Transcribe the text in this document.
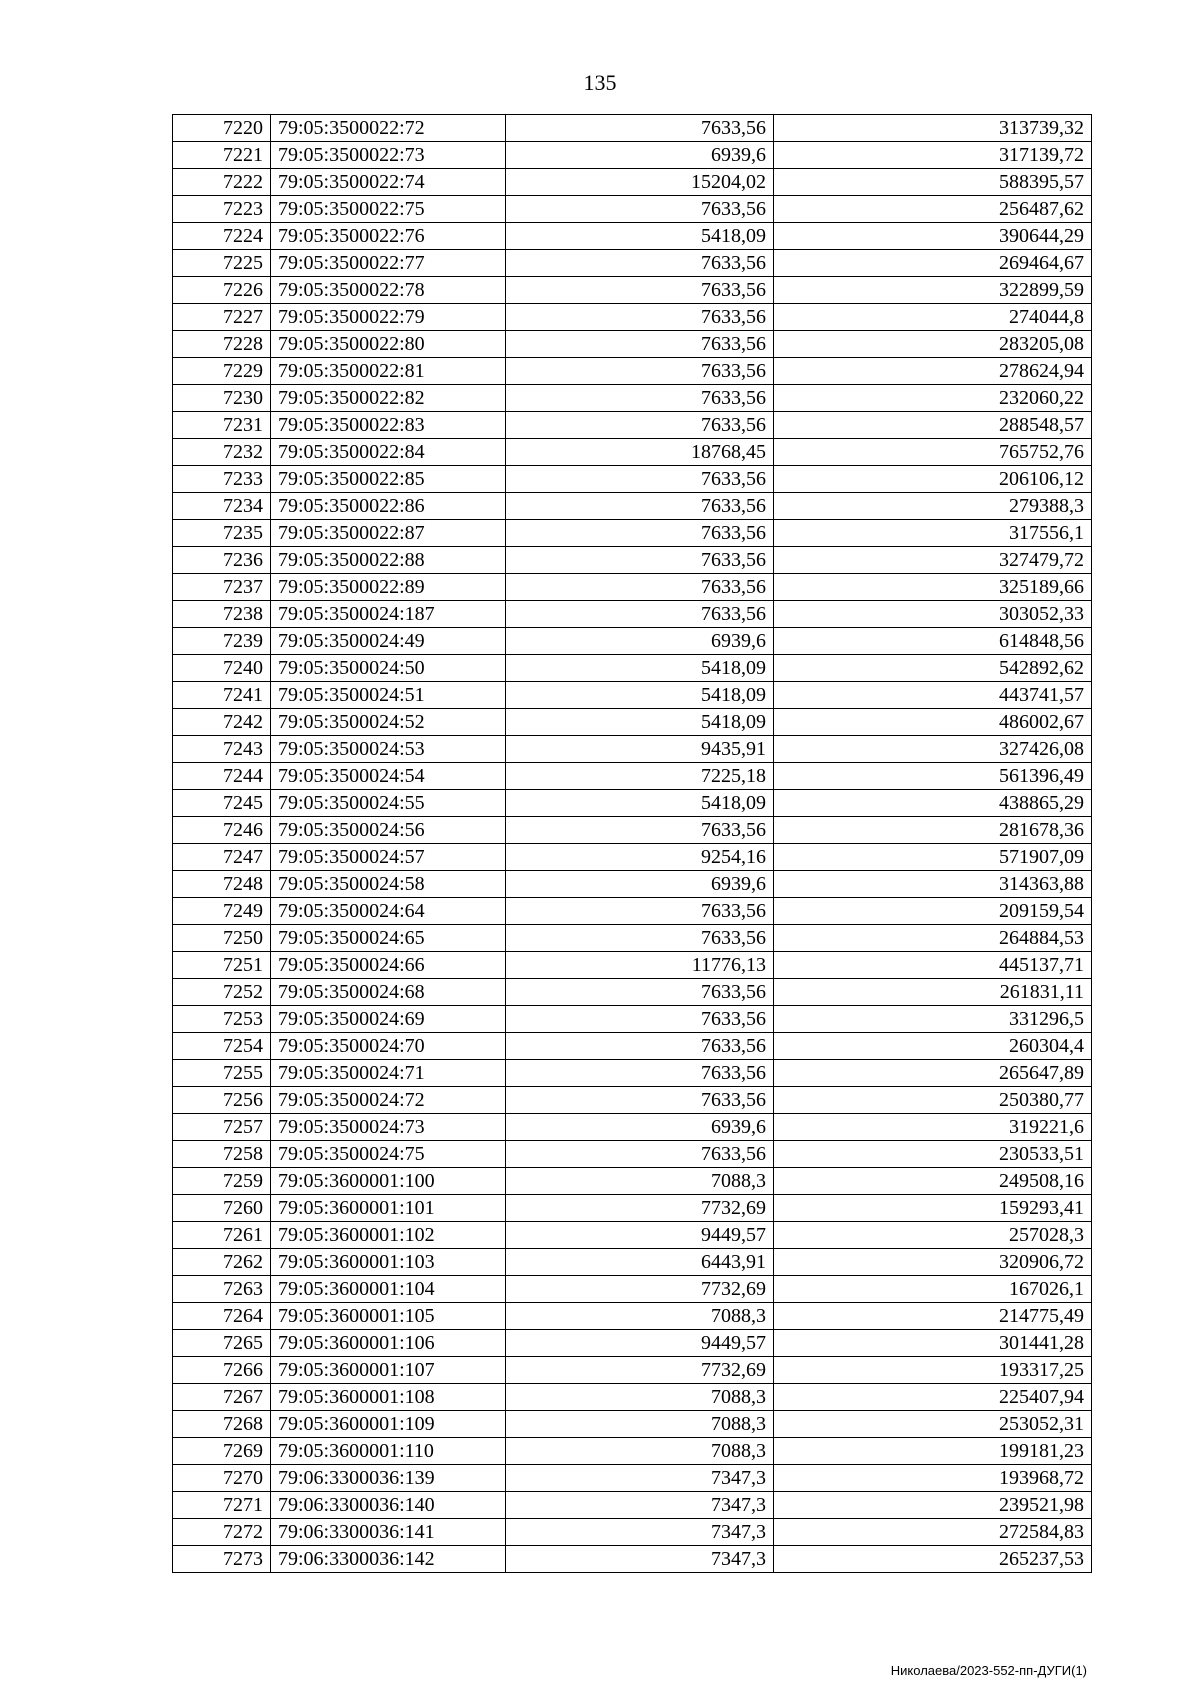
135
7220	79:05:3500022:72	7633,56	313739,32
7221	79:05:3500022:73	6939,6	317139,72
7222	79:05:3500022:74	15204,02	588395,57
7223	79:05:3500022:75	7633,56	256487,62
7224	79:05:3500022:76	5418,09	390644,29
7225	79:05:3500022:77	7633,56	269464,67
7226	79:05:3500022:78	7633,56	322899,59
7227	79:05:3500022:79	7633,56	274044,8
7228	79:05:3500022:80	7633,56	283205,08
7229	79:05:3500022:81	7633,56	278624,94
7230	79:05:3500022:82	7633,56	232060,22
7231	79:05:3500022:83	7633,56	288548,57
7232	79:05:3500022:84	18768,45	765752,76
7233	79:05:3500022:85	7633,56	206106,12
7234	79:05:3500022:86	7633,56	279388,3
7235	79:05:3500022:87	7633,56	317556,1
7236	79:05:3500022:88	7633,56	327479,72
7237	79:05:3500022:89	7633,56	325189,66
7238	79:05:3500024:187	7633,56	303052,33
7239	79:05:3500024:49	6939,6	614848,56
7240	79:05:3500024:50	5418,09	542892,62
7241	79:05:3500024:51	5418,09	443741,57
7242	79:05:3500024:52	5418,09	486002,67
7243	79:05:3500024:53	9435,91	327426,08
7244	79:05:3500024:54	7225,18	561396,49
7245	79:05:3500024:55	5418,09	438865,29
7246	79:05:3500024:56	7633,56	281678,36
7247	79:05:3500024:57	9254,16	571907,09
7248	79:05:3500024:58	6939,6	314363,88
7249	79:05:3500024:64	7633,56	209159,54
7250	79:05:3500024:65	7633,56	264884,53
7251	79:05:3500024:66	11776,13	445137,71
7252	79:05:3500024:68	7633,56	261831,11
7253	79:05:3500024:69	7633,56	331296,5
7254	79:05:3500024:70	7633,56	260304,4
7255	79:05:3500024:71	7633,56	265647,89
7256	79:05:3500024:72	7633,56	250380,77
7257	79:05:3500024:73	6939,6	319221,6
7258	79:05:3500024:75	7633,56	230533,51
7259	79:05:3600001:100	7088,3	249508,16
7260	79:05:3600001:101	7732,69	159293,41
7261	79:05:3600001:102	9449,57	257028,3
7262	79:05:3600001:103	6443,91	320906,72
7263	79:05:3600001:104	7732,69	167026,1
7264	79:05:3600001:105	7088,3	214775,49
7265	79:05:3600001:106	9449,57	301441,28
7266	79:05:3600001:107	7732,69	193317,25
7267	79:05:3600001:108	7088,3	225407,94
7268	79:05:3600001:109	7088,3	253052,31
7269	79:05:3600001:110	7088,3	199181,23
7270	79:06:3300036:139	7347,3	193968,72
7271	79:06:3300036:140	7347,3	239521,98
7272	79:06:3300036:141	7347,3	272584,83
7273	79:06:3300036:142	7347,3	265237,53
Николаева/2023-552-пп-ДУГИ(1)
